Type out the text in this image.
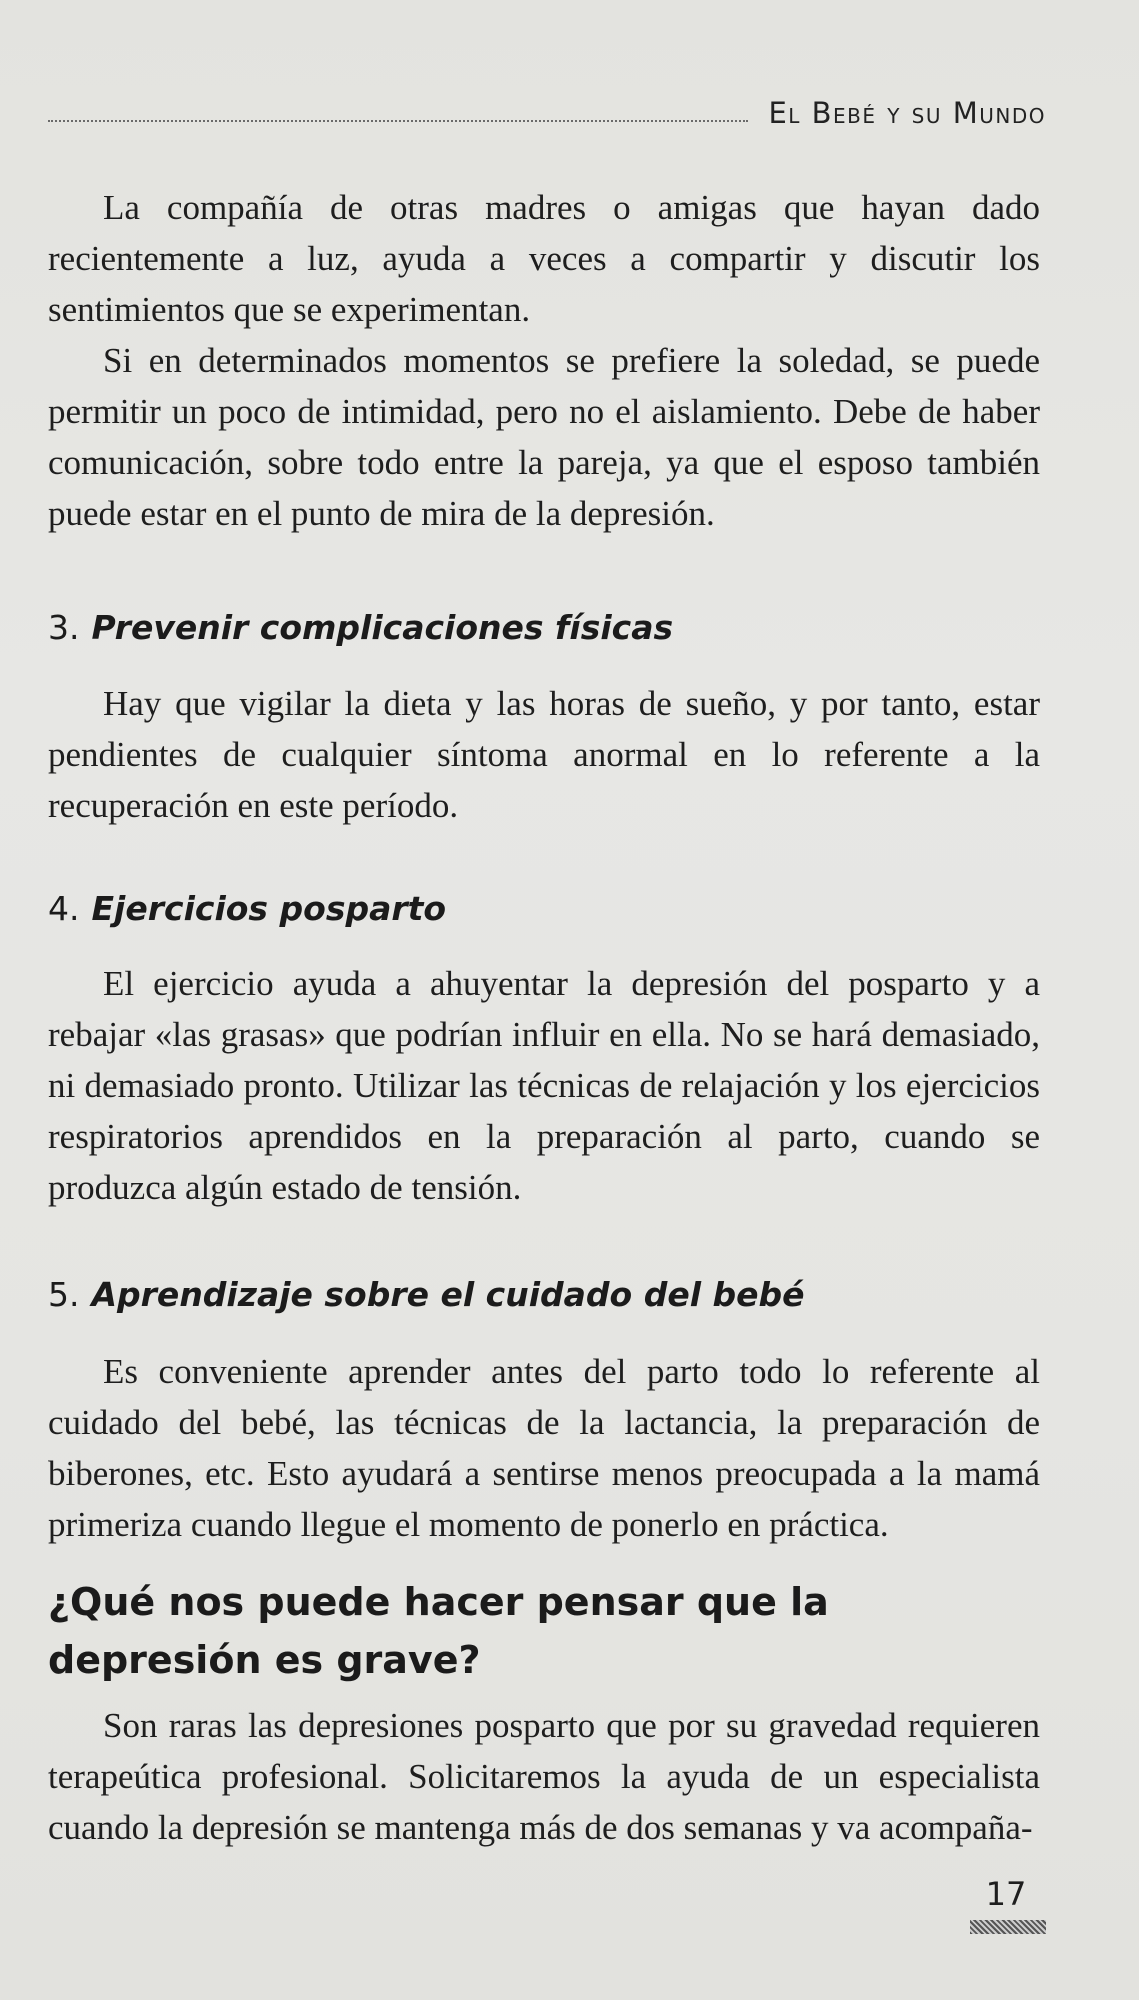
El Bebé y su Mundo

La compañía de otras madres o amigas que hayan dado recientemente a luz, ayuda a veces a compartir y discutir los sentimientos que se experimentan.

Si en determinados momentos se prefiere la soledad, se puede permitir un poco de intimidad, pero no el aislamiento. Debe de haber comunicación, sobre todo entre la pareja, ya que el esposo también puede estar en el punto de mira de la depresión.

3. Prevenir complicaciones físicas

Hay que vigilar la dieta y las horas de sueño, y por tanto, estar pendientes de cualquier síntoma anormal en lo referente a la recuperación en este período.

4. Ejercicios posparto

El ejercicio ayuda a ahuyentar la depresión del posparto y a rebajar «las grasas» que podrían influir en ella. No se hará demasiado, ni demasiado pronto. Utilizar las técnicas de relajación y los ejercicios respiratorios aprendidos en la preparación al parto, cuando se produzca algún estado de tensión.

5. Aprendizaje sobre el cuidado del bebé

Es conveniente aprender antes del parto todo lo referente al cuidado del bebé, las técnicas de la lactancia, la preparación de biberones, etc. Esto ayudará a sentirse menos preocupada a la mamá primeriza cuando llegue el momento de ponerlo en práctica.

¿Qué nos puede hacer pensar que la depresión es grave?

Son raras las depresiones posparto que por su gravedad requieren terapeútica profesional. Solicitaremos la ayuda de un especialista cuando la depresión se mantenga más de dos semanas y va acompaña-

17
